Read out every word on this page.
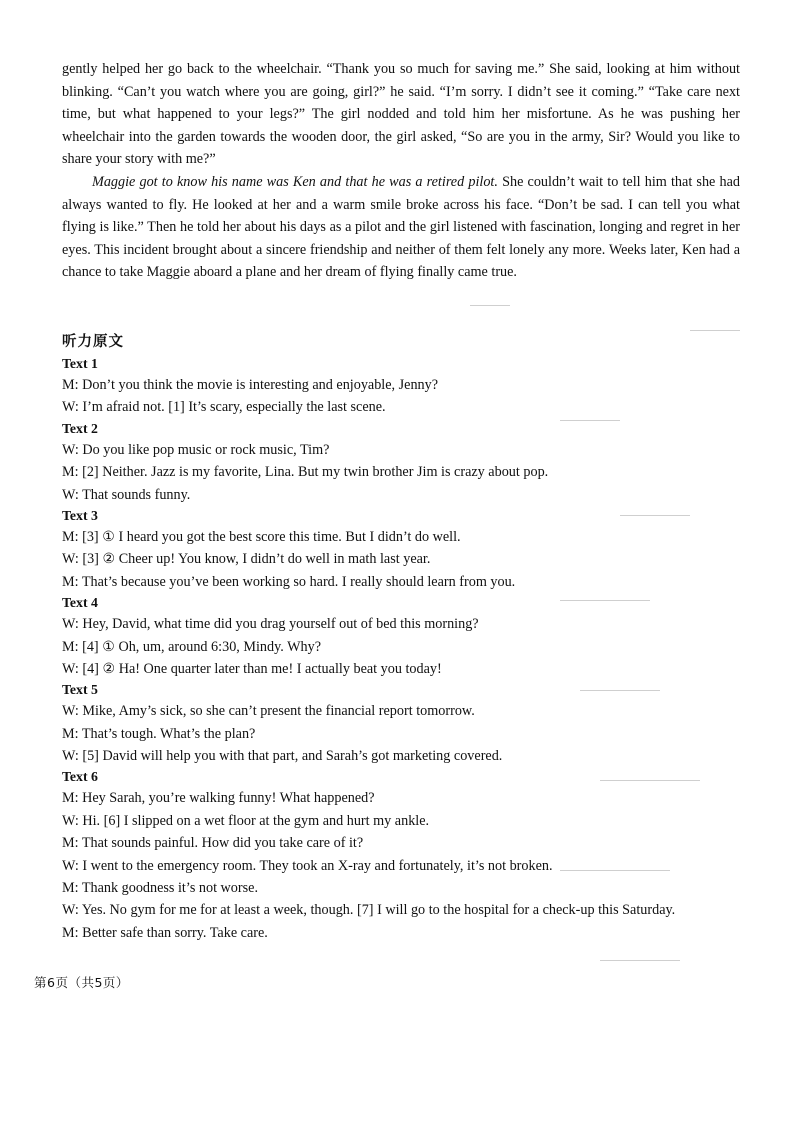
gently helped her go back to the wheelchair. “Thank you so much for saving me.” She said, looking at him without blinking. “Can’t you watch where you are going, girl?” he said. “I’m sorry. I didn’t see it coming.” “Take care next time, but what happened to your legs?” The girl nodded and told him her misfortune. As he was pushing her wheelchair into the garden towards the wooden door, the girl asked, “So are you in the army, Sir? Would you like to share your story with me?”

Maggie got to know his name was Ken and that he was a retired pilot. She couldn’t wait to tell him that she had always wanted to fly. He looked at her and a warm smile broke across his face. “Don’t be sad. I can tell you what flying is like.” Then he told her about his days as a pilot and the girl listened with fascination, longing and regret in her eyes. This incident brought about a sincere friendship and neither of them felt lonely any more. Weeks later, Ken had a chance to take Maggie aboard a plane and her dream of flying finally came true.

听力原文
Text 1
M: Don’t you think the movie is interesting and enjoyable, Jenny?
W: I’m afraid not. [1] It’s scary, especially the last scene.
Text 2
W: Do you like pop music or rock music, Tim?
M: [2] Neither. Jazz is my favorite, Lina. But my twin brother Jim is crazy about pop.
W: That sounds funny.
Text 3
M: [3] ① I heard you got the best score this time. But I didn’t do well.
W: [3] ② Cheer up! You know, I didn’t do well in math last year.
M: That’s because you’ve been working so hard. I really should learn from you.
Text 4
W: Hey, David, what time did you drag yourself out of bed this morning?
M: [4] ① Oh, um, around 6:30, Mindy. Why?
W: [4] ② Ha! One quarter later than me! I actually beat you today!
Text 5
W: Mike, Amy’s sick, so she can’t present the financial report tomorrow.
M: That’s tough. What’s the plan?
W: [5] David will help you with that part, and Sarah’s got marketing covered.
Text 6
M: Hey Sarah, you’re walking funny! What happened?
W: Hi. [6] I slipped on a wet floor at the gym and hurt my ankle.
M: That sounds painful. How did you take care of it?
W: I went to the emergency room. They took an X-ray and fortunately, it’s not broken.
M: Thank goodness it’s not worse.
W: Yes. No gym for me for at least a week, though. [7] I will go to the hospital for a check-up this Saturday.
M: Better safe than sorry. Take care.
第6页（共5页）
